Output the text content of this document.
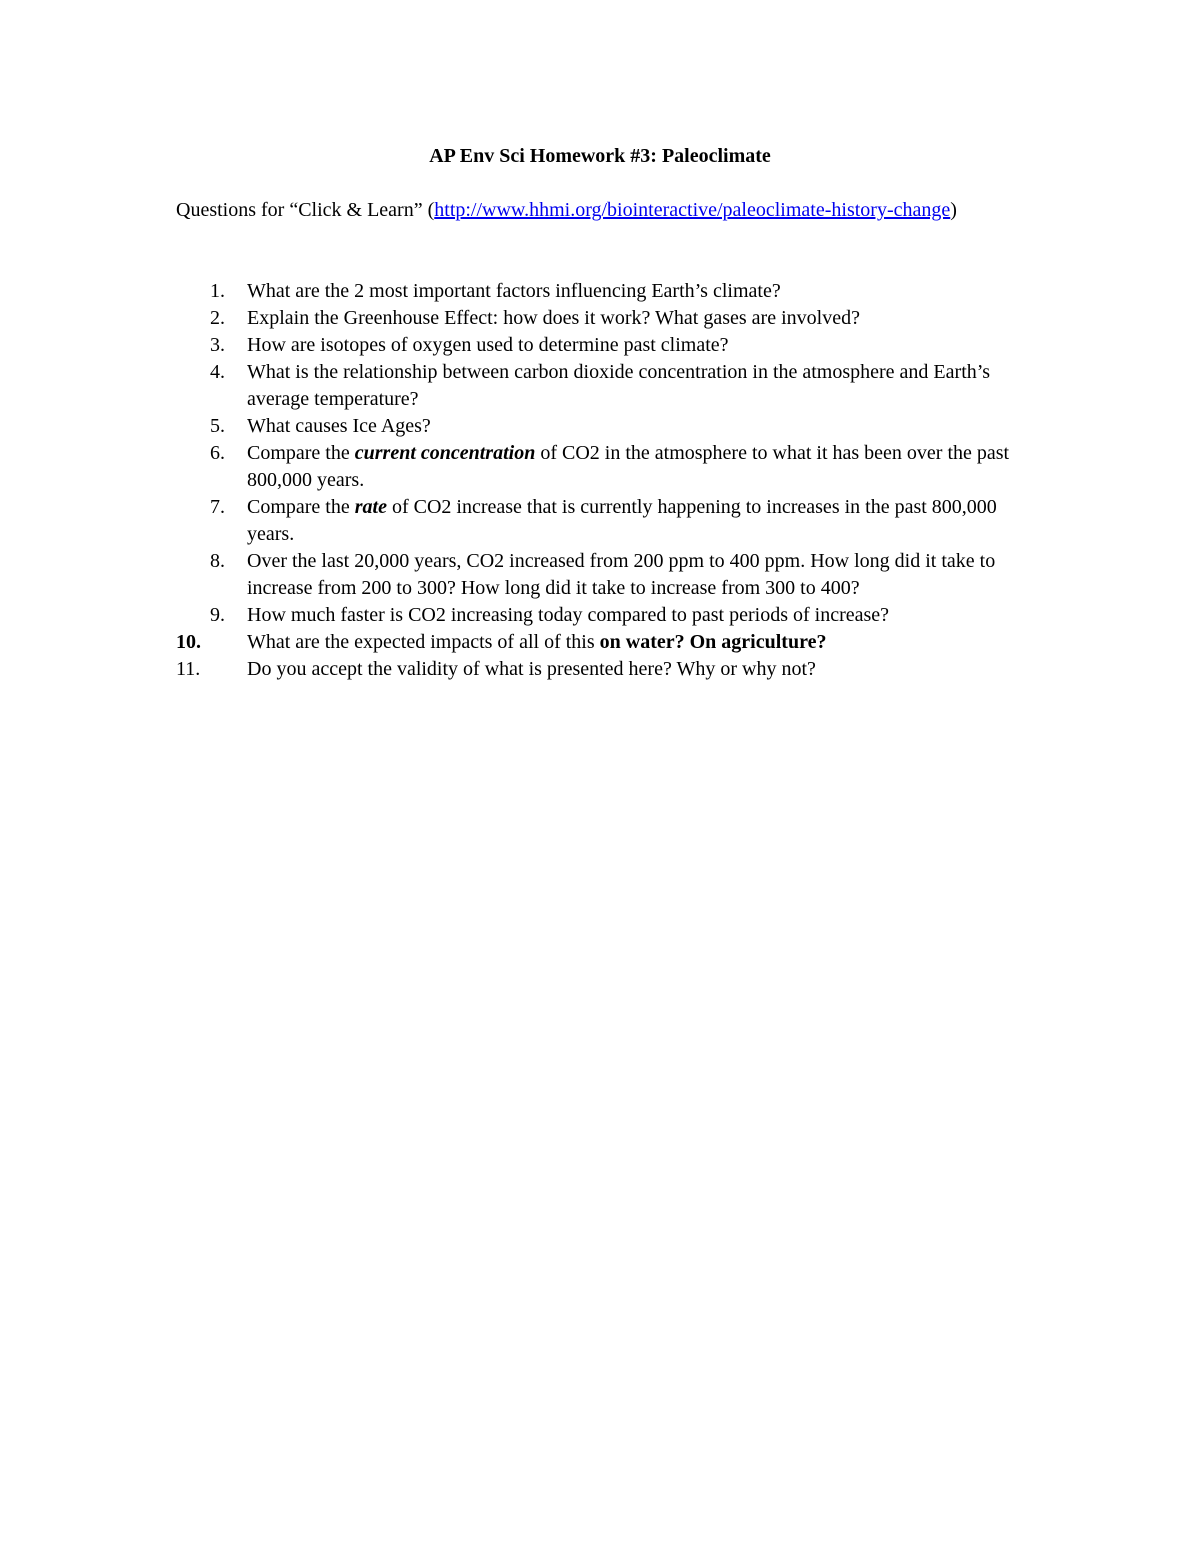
AP Env Sci Homework #3: Paleoclimate
Questions for “Click & Learn” (http://www.hhmi.org/biointeractive/paleoclimate-history-change)
1. What are the 2 most important factors influencing Earth’s climate?
2. Explain the Greenhouse Effect: how does it work? What gases are involved?
3. How are isotopes of oxygen used to determine past climate?
4. What is the relationship between carbon dioxide concentration in the atmosphere and Earth’s average temperature?
5. What causes Ice Ages?
6. Compare the current concentration of CO2 in the atmosphere to what it has been over the past 800,000 years.
7. Compare the rate of CO2 increase that is currently happening to increases in the past 800,000 years.
8. Over the last 20,000 years, CO2 increased from 200 ppm to 400 ppm. How long did it take to increase from 200 to 300? How long did it take to increase from 300 to 400?
9. How much faster is CO2 increasing today compared to past periods of increase?
10. What are the expected impacts of all of this on water? On agriculture?
11. Do you accept the validity of what is presented here? Why or why not?
